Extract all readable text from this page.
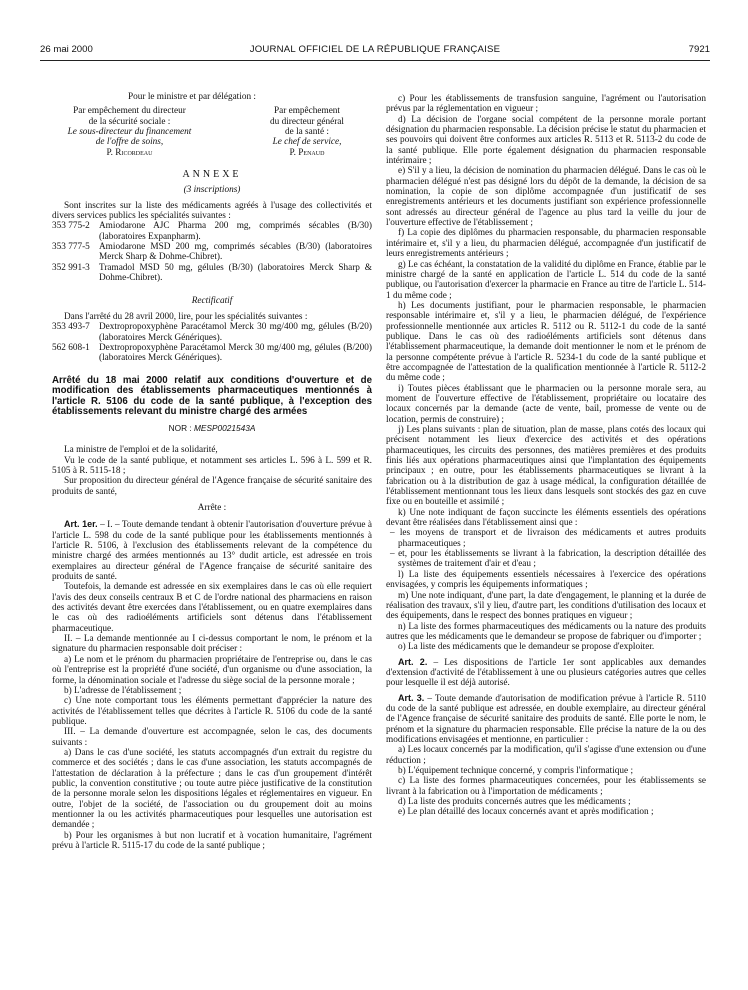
26 mai 2000	JOURNAL OFFICIEL DE LA RÉPUBLIQUE FRANÇAISE	7921

Pour le ministre et par délégation :

Par empêchement du directeur
de la sécurité sociale :
Le sous-directeur du financement
de l'offre de soins,
P. Ricordeau
Par empêchement
du directeur général
de la santé :
Le chef de service,
P. Penaud

ANNEXE

(3 inscriptions)

Sont inscrites sur la liste des médicaments agréés à l'usage des collectivités et divers services publics les spécialités suivantes :

353 775-2 Amiodarone AJC Pharma 200 mg, comprimés sécables (B/30) (laboratoires Expanpharm).
353 777-5 Amiodarone MSD 200 mg, comprimés sécables (B/30) (laboratoires Merck Sharp & Dohme-Chibret).
352 991-3 Tramadol MSD 50 mg, gélules (B/30) (laboratoires Merck Sharp & Dohme-Chibret).

Rectificatif

Dans l'arrêté du 28 avril 2000, lire, pour les spécialités suivantes :

353 493-7 Dextropropoxyphène Paracétamol Merck 30 mg/400 mg, gélules (B/20) (laboratoires Merck Génériques).
562 608-1 Dextropropoxyphène Paracétamol Merck 30 mg/400 mg, gélules (B/200) (laboratoires Merck Génériques).

Arrêté du 18 mai 2000 relatif aux conditions d'ouverture et de modification des établissements pharmaceutiques mentionnés à l'article R. 5106 du code de la santé publique, à l'exception des établissements relevant du ministre chargé des armées

NOR : MESP0021543A

La ministre de l'emploi et de la solidarité,

Vu le code de la santé publique, et notamment ses articles L. 596 à L. 599 et R. 5105 à R. 5115-18 ;

Sur proposition du directeur général de l'Agence française de sécurité sanitaire des produits de santé,

Arrête :

Art. 1er. – I. – Toute demande tendant à obtenir l'autorisation d'ouverture prévue à l'article L. 598 du code de la santé publique pour les établissements mentionnés à l'article R. 5106, à l'exclusion des établissements relevant de la compétence du ministre chargé des armées mentionnés au 13° dudit article, est adressée en trois exemplaires au directeur général de l'Agence française de sécurité sanitaire des produits de santé.

Toutefois, la demande est adressée en six exemplaires dans le cas où elle requiert l'avis des deux conseils centraux B et C de l'ordre national des pharmaciens en raison des activités devant être exercées dans l'établissement, ou en quatre exemplaires dans le cas où des radioéléments artificiels sont détenus dans l'établissement pharmaceutique.

II. – La demande mentionnée au I ci-dessus comportant le nom, le prénom et la signature du pharmacien responsable doit préciser :

a) Le nom et le prénom du pharmacien propriétaire de l'entreprise ou, dans le cas où l'entreprise est la propriété d'une société, d'un organisme ou d'une association, la forme, la dénomination sociale et l'adresse du siège social de la personne morale ;

b) L'adresse de l'établissement ;

c) Une note comportant tous les éléments permettant d'apprécier la nature des activités de l'établissement telles que décrites à l'article R. 5106 du code de la santé publique.

III. – La demande d'ouverture est accompagnée, selon le cas, des documents suivants :

a) Dans le cas d'une société, les statuts accompagnés d'un extrait du registre du commerce et des sociétés ; dans le cas d'une association, les statuts accompagnés de l'attestation de déclaration à la préfecture ; dans le cas d'un groupement d'intérêt public, la convention constitutive ; ou toute autre pièce justificative de la constitution de la personne morale selon les dispositions légales et réglementaires en vigueur. En outre, l'objet de la société, de l'association ou du groupement doit au moins mentionner la ou les activités pharmaceutiques pour lesquelles une autorisation est demandée ;

b) Pour les organismes à but non lucratif et à vocation humanitaire, l'agrément prévu à l'article R. 5115-17 du code de la santé publique ;

c) Pour les établissements de transfusion sanguine, l'agrément ou l'autorisation prévus par la réglementation en vigueur ;

d) La décision de l'organe social compétent de la personne morale portant désignation du pharmacien responsable. La décision précise le statut du pharmacien et ses pouvoirs qui doivent être conformes aux articles R. 5113 et R. 5113-2 du code de la santé publique. Elle porte également désignation du pharmacien responsable intérimaire ;

e) S'il y a lieu, la décision de nomination du pharmacien délégué. Dans le cas où le pharmacien délégué n'est pas désigné lors du dépôt de la demande, la décision de sa nomination, la copie de son diplôme accompagnée d'un justificatif de ses enregistrements antérieurs et les documents justifiant son expérience professionnelle sont adressés au directeur général de l'agence au plus tard la veille du jour de l'ouverture effective de l'établissement ;

f) La copie des diplômes du pharmacien responsable, du pharmacien responsable intérimaire et, s'il y a lieu, du pharmacien délégué, accompagnée d'un justificatif de leurs enregistrements antérieurs ;

g) Le cas échéant, la constatation de la validité du diplôme en France, établie par le ministre chargé de la santé en application de l'article L. 514 du code de la santé publique, ou l'autorisation d'exercer la pharmacie en France au titre de l'article L. 514-1 du même code ;

h) Les documents justifiant, pour le pharmacien responsable, le pharmacien responsable intérimaire et, s'il y a lieu, le pharmacien délégué, de l'expérience professionnelle mentionnée aux articles R. 5112 ou R. 5112-1 du code de la santé publique. Dans le cas où des radioéléments artificiels sont détenus dans l'établissement pharmaceutique, la demande doit mentionner le nom et le prénom de la personne compétente prévue à l'article R. 5234-1 du code de la santé publique et être accompagnée de l'attestation de la qualification mentionnée à l'article R. 5112-2 du même code ;

i) Toutes pièces établissant que le pharmacien ou la personne morale sera, au moment de l'ouverture effective de l'établissement, propriétaire ou locataire des locaux concernés par la demande (acte de vente, bail, promesse de vente ou de location, permis de construire) ;

j) Les plans suivants : plan de situation, plan de masse, plans cotés des locaux qui précisent notamment les lieux d'exercice des activités et des opérations pharmaceutiques, les circuits des personnes, des matières premières et des produits finis liés aux opérations pharmaceutiques ainsi que l'implantation des équipements principaux ; en outre, pour les établissements pharmaceutiques se livrant à la fabrication ou à la distribution de gaz à usage médical, la configuration détaillée de l'établissement mentionnant tous les lieux dans lesquels sont stockés des gaz en cuve fixe ou en bouteille et assimilé ;

k) Une note indiquant de façon succincte les éléments essentiels des opérations devant être réalisées dans l'établissement ainsi que :

– les moyens de transport et de livraison des médicaments et autres produits pharmaceutiques ;

– et, pour les établissements se livrant à la fabrication, la description détaillée des systèmes de traitement d'air et d'eau ;

l) La liste des équipements essentiels nécessaires à l'exercice des opérations envisagées, y compris les équipements informatiques ;

m) Une note indiquant, d'une part, la date d'engagement, le planning et la durée de réalisation des travaux, s'il y lieu, d'autre part, les conditions d'utilisation des locaux et des équipements, dans le respect des bonnes pratiques en vigueur ;

n) La liste des formes pharmaceutiques des médicaments ou la nature des produits autres que les médicaments que le demandeur se propose de fabriquer ou d'importer ;

o) La liste des médicaments que le demandeur se propose d'exploiter.

Art. 2. – Les dispositions de l'article 1er sont applicables aux demandes d'extension d'activité de l'établissement à une ou plusieurs catégories autres que celles pour lesquelle il est déjà autorisé.

Art. 3. – Toute demande d'autorisation de modification prévue à l'article R. 5110 du code de la santé publique est adressée, en double exemplaire, au directeur général de l'Agence française de sécurité sanitaire des produits de santé. Elle porte le nom, le prénom et la signature du pharmacien responsable. Elle précise la nature de la ou des modifications envisagées et mentionne, en particulier :

a) Les locaux concernés par la modification, qu'il s'agisse d'une extension ou d'une réduction ;

b) L'équipement technique concerné, y compris l'informatique ;

c) La liste des formes pharmaceutiques concernées, pour les établissements se livrant à la fabrication ou à l'importation de médicaments ;

d) La liste des produits concernés autres que les médicaments ;

e) Le plan détaillé des locaux concernés avant et après modification ;
